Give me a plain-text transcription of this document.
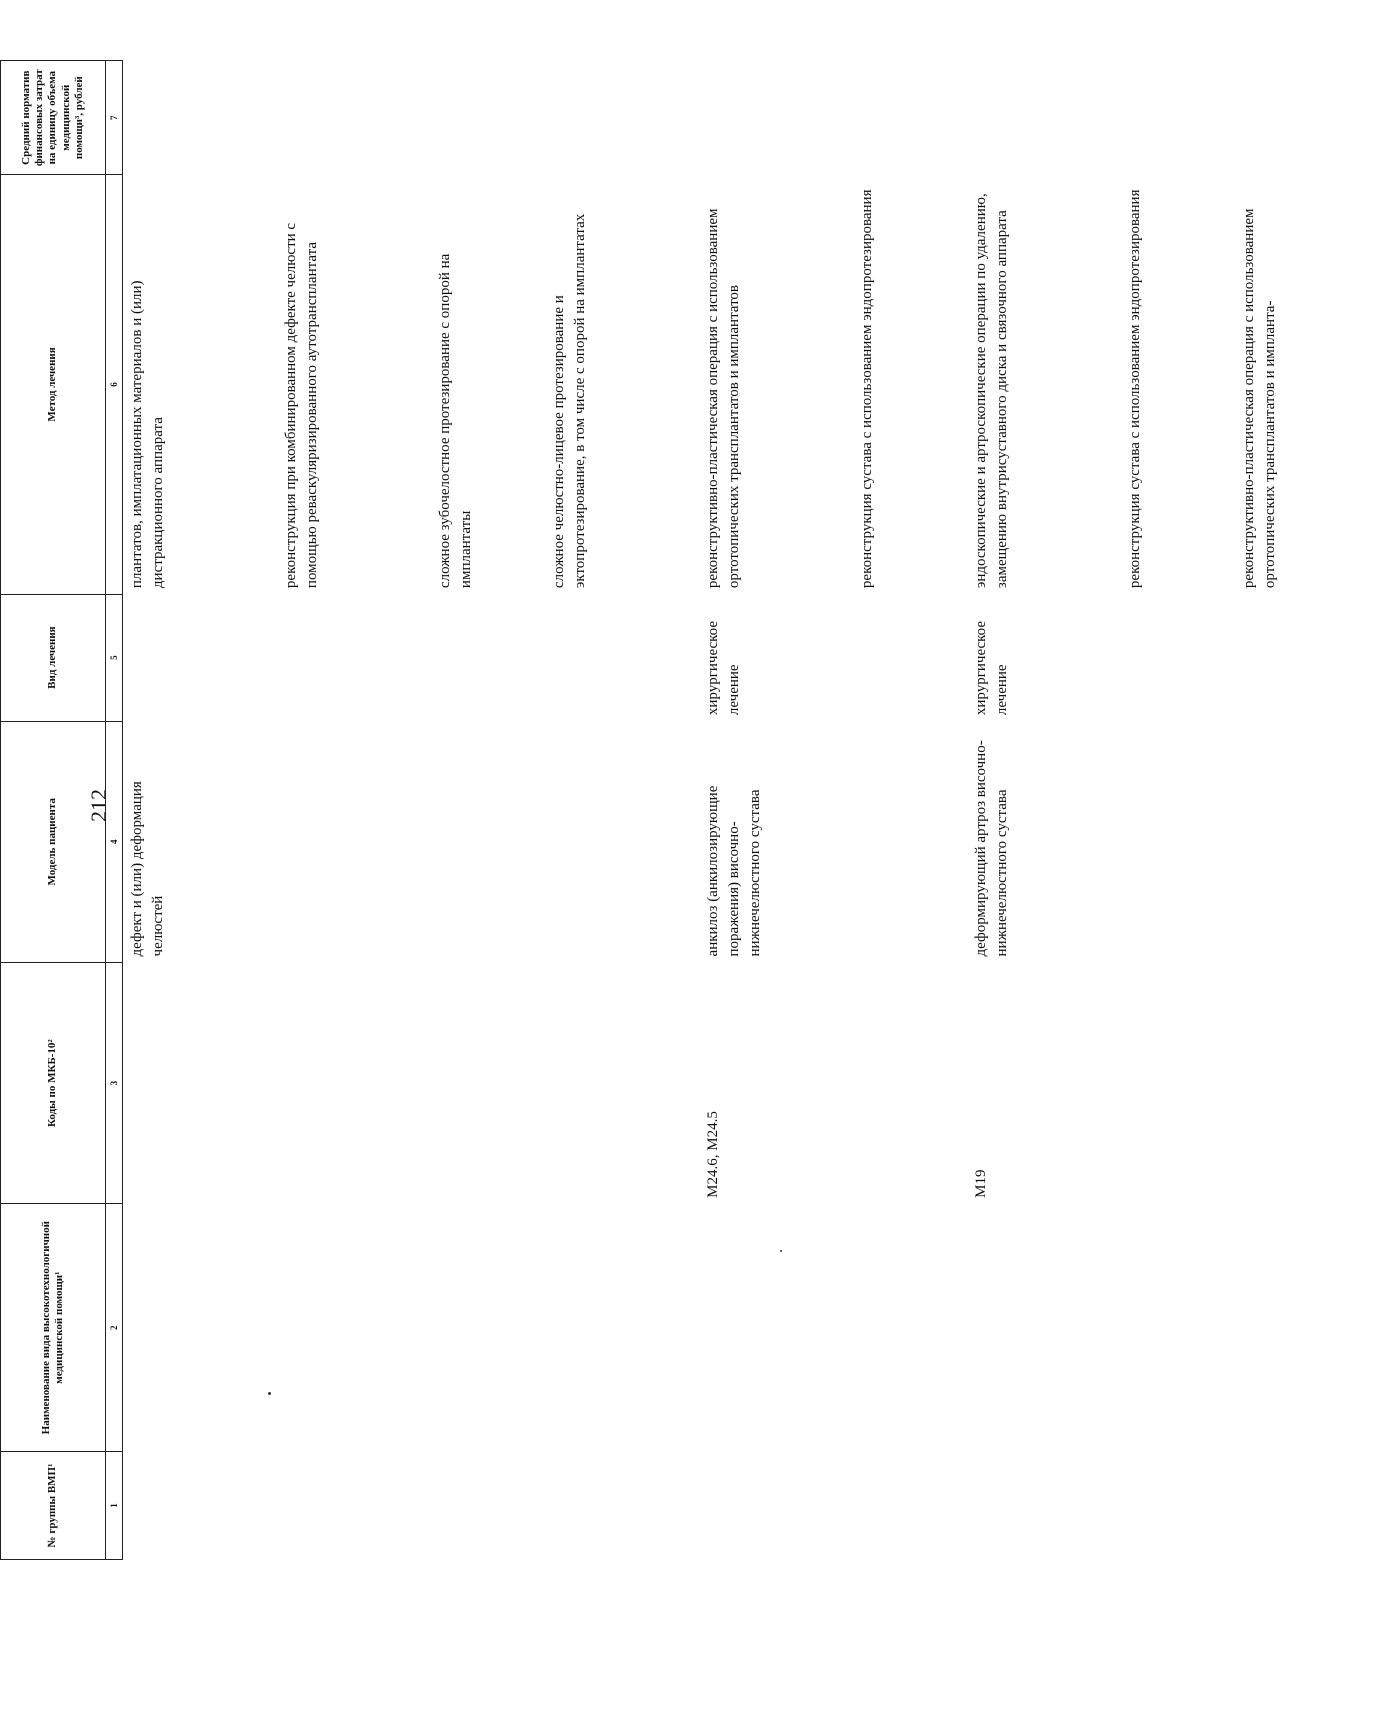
212
№ группы ВМП¹	Наименование вида высокотехнологичной медицинской помощи¹	Коды по МКБ-10²	Модель пациента	Вид лечения	Метод лечения	Средний норматив финансовых затрат на единицу объема медицинской помощи³, рублей
1	2	3	4	5	6	7
			дефект и (или) деформация челюстей		плантатов, имплатационных материалов и (или) дистракционного аппарата	
					реконструкция при комбинированном дефекте челюсти с помощью реваскуляризированного аутотрансплантата	
					сложное зубочелостное протезирование с опорой на имплантаты	
					сложное челюстно-лицевое протезирование и эктопротезирование, в том числе с опорой на имплантатах	
		M24.6, M24.5	анкилоз (анкилозирующие поражения) височно-нижнечелюстного сустава	хирургическое лечение	реконструктивно-пластическая операция с использованием ортотопических трансплантатов и имплантатов	
					реконструкция сустава с использованием эндопротезирования	
		M19	деформирующий артроз височно-нижнечелюстного сустава	хирургическое лечение	эндоскопические и артроскопические операции по удалению, замещению внутрисуставного диска и связочного аппарата	
					реконструкция сустава с использованием эндопротезирования	
					реконструктивно-пластическая операция с использованием ортотопических трансплантатов и импланта-	
